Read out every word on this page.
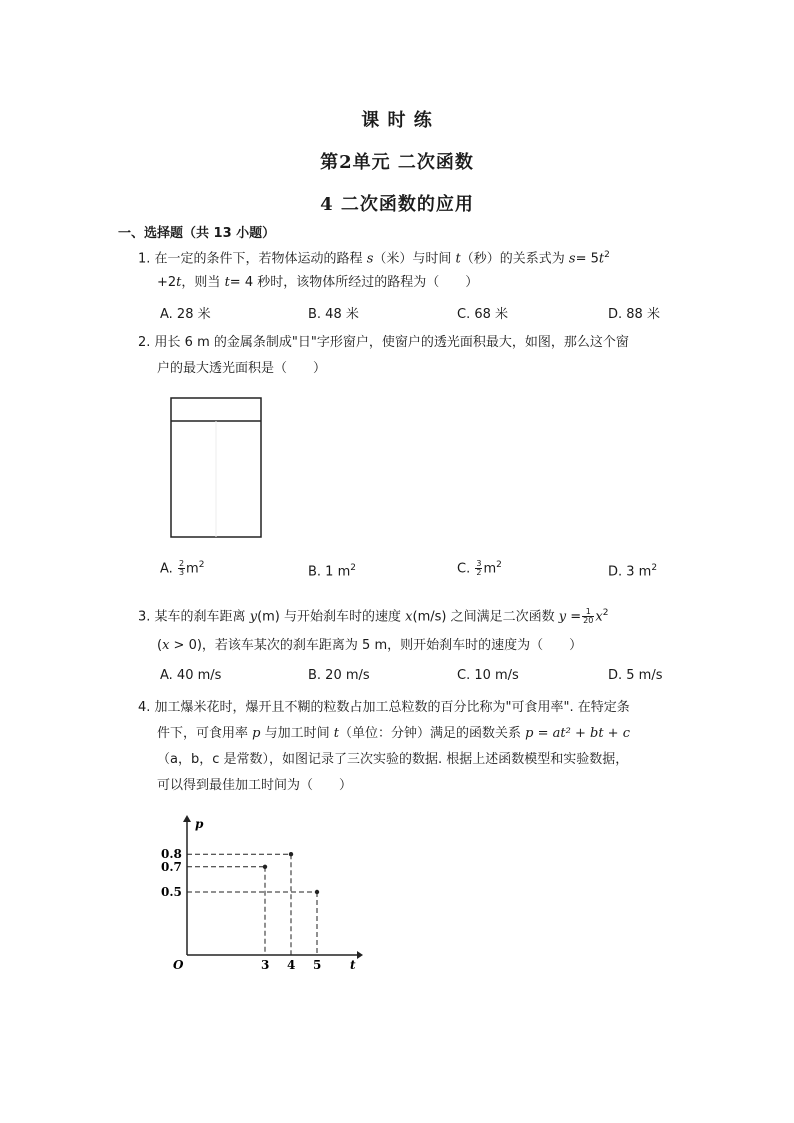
课 时 练
第2单元 二次函数
4 二次函数的应用
一、选择题（共 13 小题）
1. 在一定的条件下，若物体运动的路程 s（米）与时间 t（秒）的关系式为 $s= 5t^2$
+2t，则当 t= 4 秒时，该物体所经过的路程为（　　）
A. 28 米	B. 48 米	C. 68 米	D. 88 米
2. 用长 6 m 的金属条制成"日"字形窗户，使窗户的透光面积最大，如图，那么这个窗
户的最大透光面积是（　　）
A. $\frac{2}{3} m^2$	B. 1 $m^2$	C. $\frac{3}{2} m^2$	D. 3 $m^2$
3. 某车的刹车距离 y(m) 与开始刹车时的速度 x(m/s) 之间满足二次函数 $y = \frac{1}{20} x^2$
(x > 0)，若该车某次的刹车距离为 5 m，则开始刹车时的速度为（　　）
A. 40 m/s	B. 20 m/s	C. 10 m/s	D. 5 m/s
4. 加工爆米花时，爆开且不糊的粒数占加工总粒数的百分比称为"可食用率". 在特定条
件下，可食用率 p 与加工时间 t（单位：分钟）满足的函数关系 p = at² + bt + c
（a，b，c 是常数），如图记录了三次实验的数据. 根据上述函数模型和实验数据，
可以得到最佳加工时间为（　　）
t
p
O	3 4 5
0.8
0.7
0.5
